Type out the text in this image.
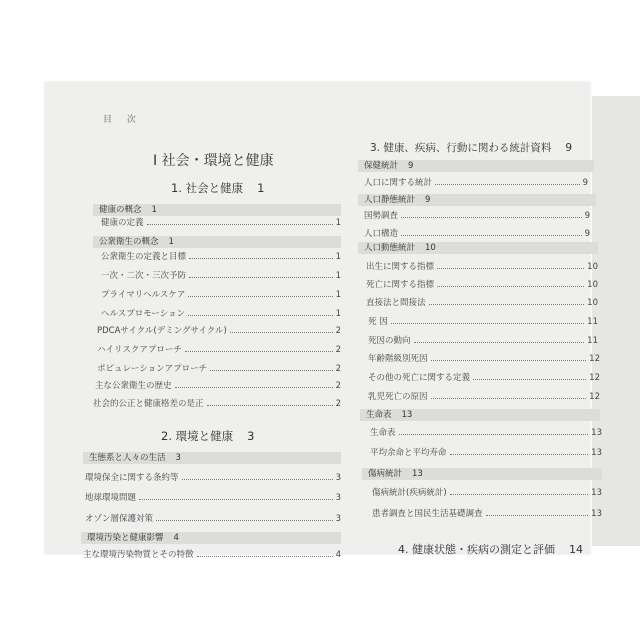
目 次
Ⅰ 社会・環境と健康
1. 社会と健康 1
健康の概念 1
健康の定義	1
公衆衛生の概念 1
公衆衛生の定義と目標	1
一次・二次・三次予防	1
プライマリヘルスケア	1
ヘルスプロモーション	1
PDCAサイクル(デミングサイクル)	2
ハイリスクアプローチ	2
ポピュレーションアプローチ	2
主な公衆衛生の歴史	2
社会的公正と健康格差の是正	2
2. 環境と健康 3
生態系と人々の生活 3
環境保全に関する条約等	3
地球環境問題	3
オゾン層保護対策	3
環境汚染と健康影響 4
主な環境汚染物質とその特徴	4
3. 健康、疾病、行動に関わる統計資料 9
保健統計 9
人口に関する統計	9
人口静態統計 9
国勢調査	9
人口構造	9
人口動態統計 10
出生に関する指標	10
死亡に関する指標	10
直接法と間接法	10
死 因	11
死因の動向	11
年齢階級別死因	12
その他の死亡に関する定義	12
乳児死亡の原因	12
生命表 13
生命表	13
平均余命と平均寿命	13
傷病統計 13
傷病統計(疾病統計)	13
患者調査と国民生活基礎調査	13
4. 健康状態・疾病の測定と評価 14
